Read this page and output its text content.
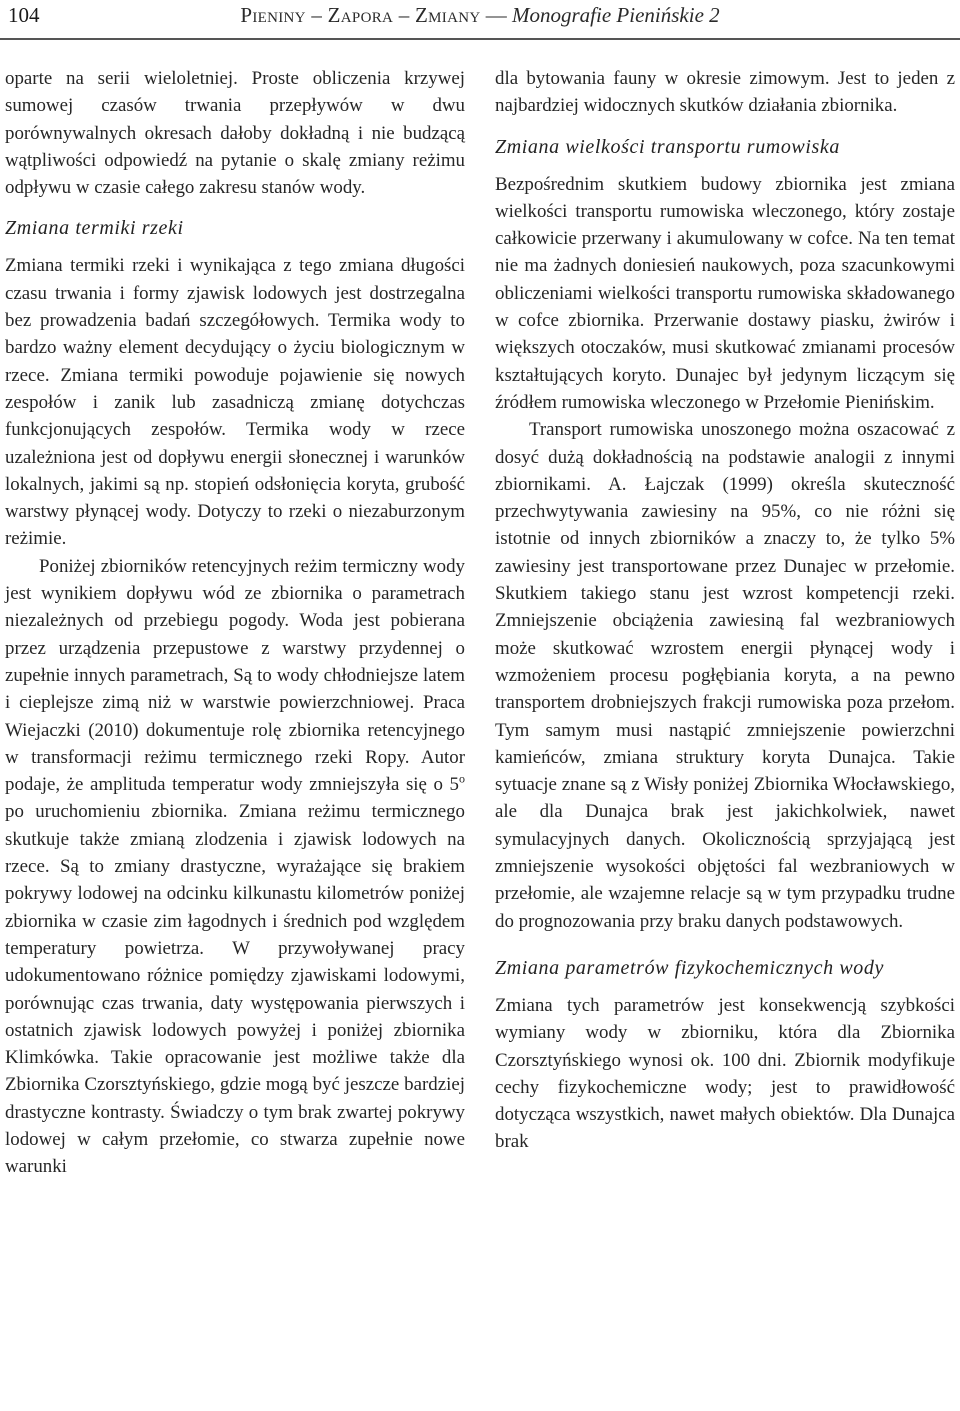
104	Pieniny – Zapora – Zmiany — Monografie Pienińskie 2

oparte na serii wieloletniej. Proste obliczenia krzywej sumowej czasów trwania przepływów w dwu porównywalnych okresach dałoby dokładną i nie budzącą wątpliwości odpowiedź na pytanie o skalę zmiany reżimu odpływu w czasie całego zakresu stanów wody.

Zmiana termiki rzeki

Zmiana termiki rzeki i wynikająca z tego zmiana długości czasu trwania i formy zjawisk lodowych jest dostrzegalna bez prowadzenia badań szczegółowych. Termika wody to bardzo ważny element decydujący o życiu biologicznym w rzece. Zmiana termiki powoduje pojawienie się nowych zespołów i zanik lub zasadniczą zmianę dotychczas funkcjonujących zespołów. Termika wody w rzece uzależniona jest od dopływu energii słonecznej i warunków lokalnych, jakimi są np. stopień odsłonięcia koryta, grubość warstwy płynącej wody. Dotyczy to rzeki o niezaburzonym reżimie.

Poniżej zbiorników retencyjnych reżim termiczny wody jest wynikiem dopływu wód ze zbiornika o parametrach niezależnych od przebiegu pogody. Woda jest pobierana przez urządzenia przepustowe z warstwy przydennej o zupełnie innych parametrach, Są to wody chłodniejsze latem i cieplejsze zimą niż w warstwie powierzchniowej. Praca Wiejaczki (2010) dokumentuje rolę zbiornika retencyjnego w transformacji reżimu termicznego rzeki Ropy. Autor podaje, że amplituda temperatur wody zmniejszyła się o 5$^o$ po uruchomieniu zbiornika. Zmiana reżimu termicznego skutkuje także zmianą zlodzenia i zjawisk lodowych na rzece. Są to zmiany drastyczne, wyrażające się brakiem pokrywy lodowej na odcinku kilkunastu kilometrów poniżej zbiornika w czasie zim łagodnych i średnich pod względem temperatury powietrza. W przywoływanej pracy udokumentowano różnice pomiędzy zjawiskami lodowymi, porównując czas trwania, daty występowania pierwszych i ostatnich zjawisk lodowych powyżej i poniżej zbiornika Klimkówka. Takie opracowanie jest możliwe także dla Zbiornika Czorsztyńskiego, gdzie mogą być jeszcze bardziej drastyczne kontrasty. Świadczy o tym brak zwartej pokrywy lodowej w całym przełomie, co stwarza zupełnie nowe warunki

dla bytowania fauny w okresie zimowym. Jest to jeden z najbardziej widocznych skutków działania zbiornika.

Zmiana wielkości transportu rumowiska

Bezpośrednim skutkiem budowy zbiornika jest zmiana wielkości transportu rumowiska wleczonego, który zostaje całkowicie przerwany i akumulowany w cofce. Na ten temat nie ma żadnych doniesień naukowych, poza szacunkowymi obliczeniami wielkości transportu rumowiska składowanego w cofce zbiornika. Przerwanie dostawy piasku, żwirów i większych otoczaków, musi skutkować zmianami procesów kształtujących koryto. Dunajec był jedynym liczącym się źródłem rumowiska wleczonego w Przełomie Pienińskim.

Transport rumowiska unoszonego można oszacować z dosyć dużą dokładnością na podstawie analogii z innymi zbiornikami. A. Łajczak (1999) określa skuteczność przechwytywania zawiesiny na 95%, co nie różni się istotnie od innych zbiorników a znaczy to, że tylko 5% zawiesiny jest transportowane przez Dunajec w przełomie. Skutkiem takiego stanu jest wzrost kompetencji rzeki. Zmniejszenie obciążenia zawiesiną fal wezbraniowych może skutkować wzrostem energii płynącej wody i wzmożeniem procesu pogłębiania koryta, a na pewno transportem drobniejszych frakcji rumowiska poza przełom. Tym samym musi nastąpić zmniejszenie powierzchni kamieńców, zmiana struktury koryta Dunajca. Takie sytuacje znane są z Wisły poniżej Zbiornika Włocławskiego, ale dla Dunajca brak jest jakichkolwiek, nawet symulacyjnych danych. Okolicznością sprzyjającą jest zmniejszenie wysokości objętości fal wezbraniowych w przełomie, ale wzajemne relacje są w tym przypadku trudne do prognozowania przy braku danych podstawowych.

Zmiana parametrów fizykochemicznych wody

Zmiana tych parametrów jest konsekwencją szybkości wymiany wody w zbiorniku, która dla Zbiornika Czorsztyńskiego wynosi ok. 100 dni. Zbiornik modyfikuje cechy fizykochemiczne wody; jest to prawidłowość dotycząca wszystkich, nawet małych obiektów. Dla Dunajca brak
